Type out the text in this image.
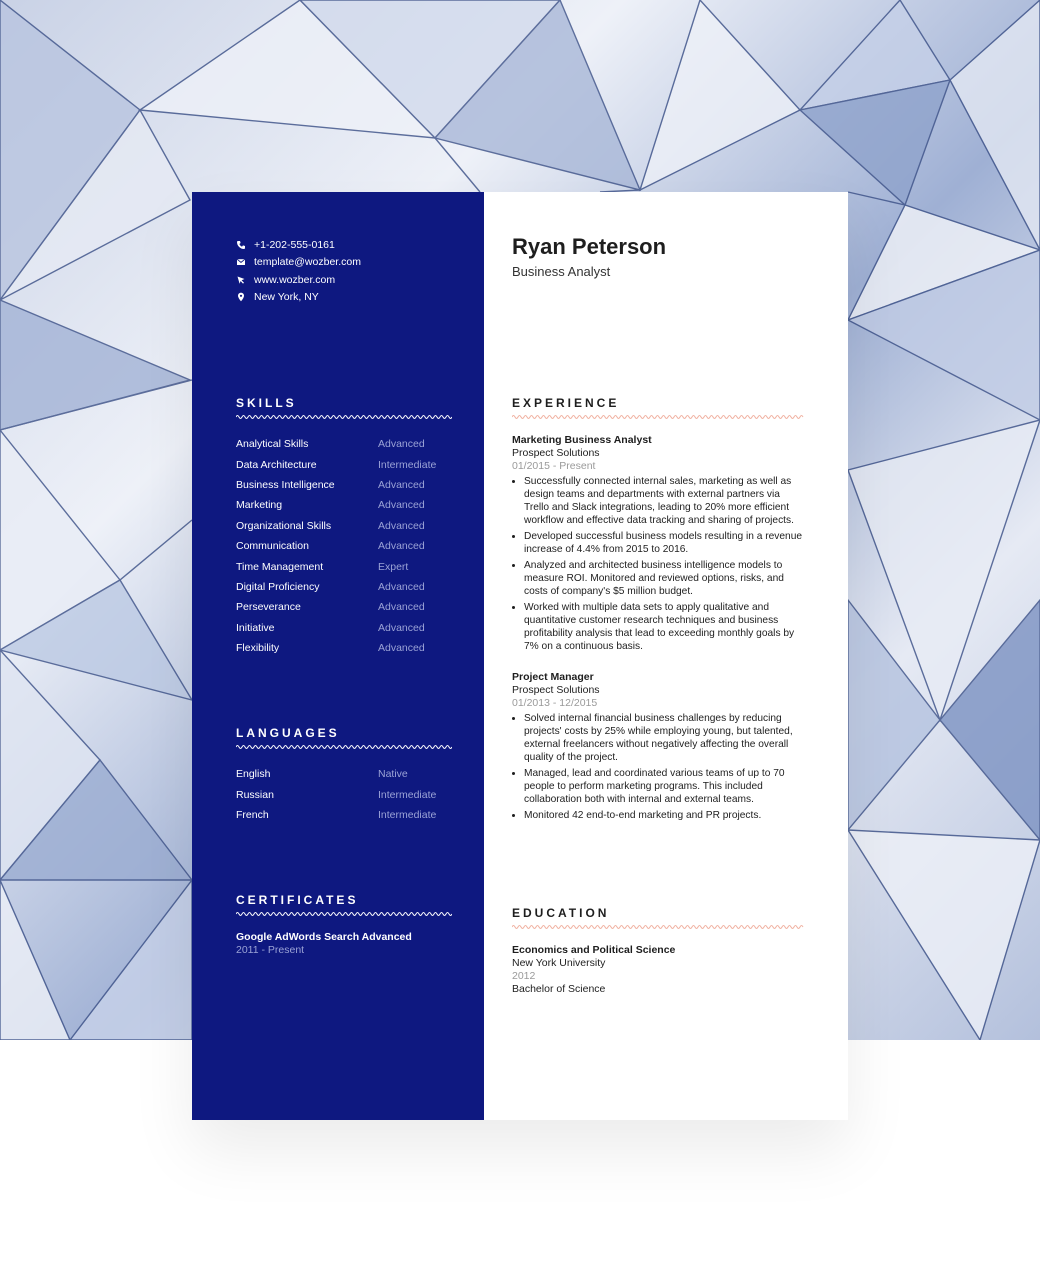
+1-202-555-0161
template@wozber.com
www.wozber.com
New York, NY
SKILLS
Analytical Skills	Advanced
Data Architecture	Intermediate
Business Intelligence	Advanced
Marketing	Advanced
Organizational Skills	Advanced
Communication	Advanced
Time Management	Expert
Digital Proficiency	Advanced
Perseverance	Advanced
Initiative	Advanced
Flexibility	Advanced
LANGUAGES
English	Native
Russian	Intermediate
French	Intermediate
CERTIFICATES
Google AdWords Search Advanced
2011 - Present
Ryan Peterson
Business Analyst
EXPERIENCE
Marketing Business Analyst
Prospect Solutions
01/2015 - Present
• Successfully connected internal sales, marketing as well as design teams and departments with external partners via Trello and Slack integrations, leading to 20% more efficient workflow and effective data tracking and sharing of projects.
• Developed successful business models resulting in a revenue increase of 4.4% from 2015 to 2016.
• Analyzed and architected business intelligence models to measure ROI. Monitored and reviewed options, risks, and costs of company's $5 million budget.
• Worked with multiple data sets to apply qualitative and quantitative customer research techniques and business profitability analysis that lead to exceeding monthly goals by 7% on a continuous basis.
Project Manager
Prospect Solutions
01/2013 - 12/2015
• Solved internal financial business challenges by reducing projects' costs by 25% while employing young, but talented, external freelancers without negatively affecting the overall quality of the project.
• Managed, lead and coordinated various teams of up to 70 people to perform marketing programs. This included collaboration both with internal and external teams.
• Monitored 42 end-to-end marketing and PR projects.
EDUCATION
Economics and Political Science
New York University
2012
Bachelor of Science
